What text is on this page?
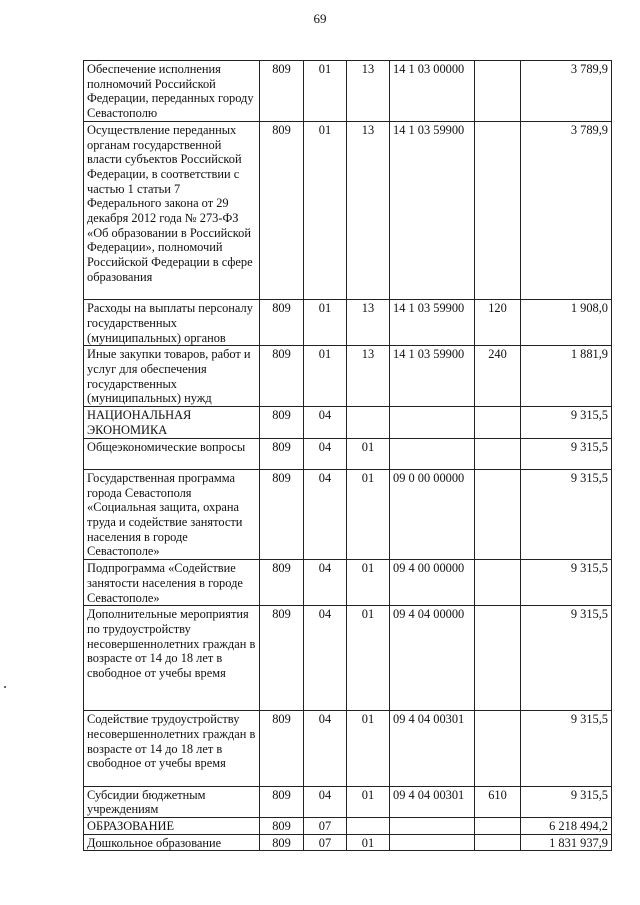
69
Обеспечение исполнения полномочий Российской Федерации, переданных городу Севастополю	809	01	13	14 1 03 00000		3 789,9
Осуществление переданных органам государственной власти субъектов Российской Федерации, в соответствии с частью 1 статьи 7 Федерального закона от 29 декабря 2012 года № 273-ФЗ «Об образовании в Российской Федерации», полномочий Российской Федерации в сфере образования	809	01	13	14 1 03 59900		3 789,9
Расходы на выплаты персоналу государственных (муниципальных) органов	809	01	13	14 1 03 59900	120	1 908,0
Иные закупки товаров, работ и услуг для обеспечения государственных (муниципальных) нужд	809	01	13	14 1 03 59900	240	1 881,9
НАЦИОНАЛЬНАЯ ЭКОНОМИКА	809	04				9 315,5
Общеэкономические вопросы	809	04	01			9 315,5
Государственная программа города Севастополя «Социальная защита, охрана труда и содействие занятости населения в городе Севастополе»	809	04	01	09 0 00 00000		9 315,5
Подпрограмма «Содействие занятости населения в городе Севастополе»	809	04	01	09 4 00 00000		9 315,5
Дополнительные мероприятия по трудоустройству несовершеннолетних граждан в возрасте от 14 до 18 лет в свободное от учебы время	809	04	01	09 4 04 00000		9 315,5
Содействие трудоустройству несовершеннолетних граждан в возрасте от 14 до 18 лет в свободное от учебы время	809	04	01	09 4 04 00301		9 315,5
Субсидии бюджетным учреждениям	809	04	01	09 4 04 00301	610	9 315,5
ОБРАЗОВАНИЕ	809	07				6 218 494,2
Дошкольное образование	809	07	01			1 831 937,9
